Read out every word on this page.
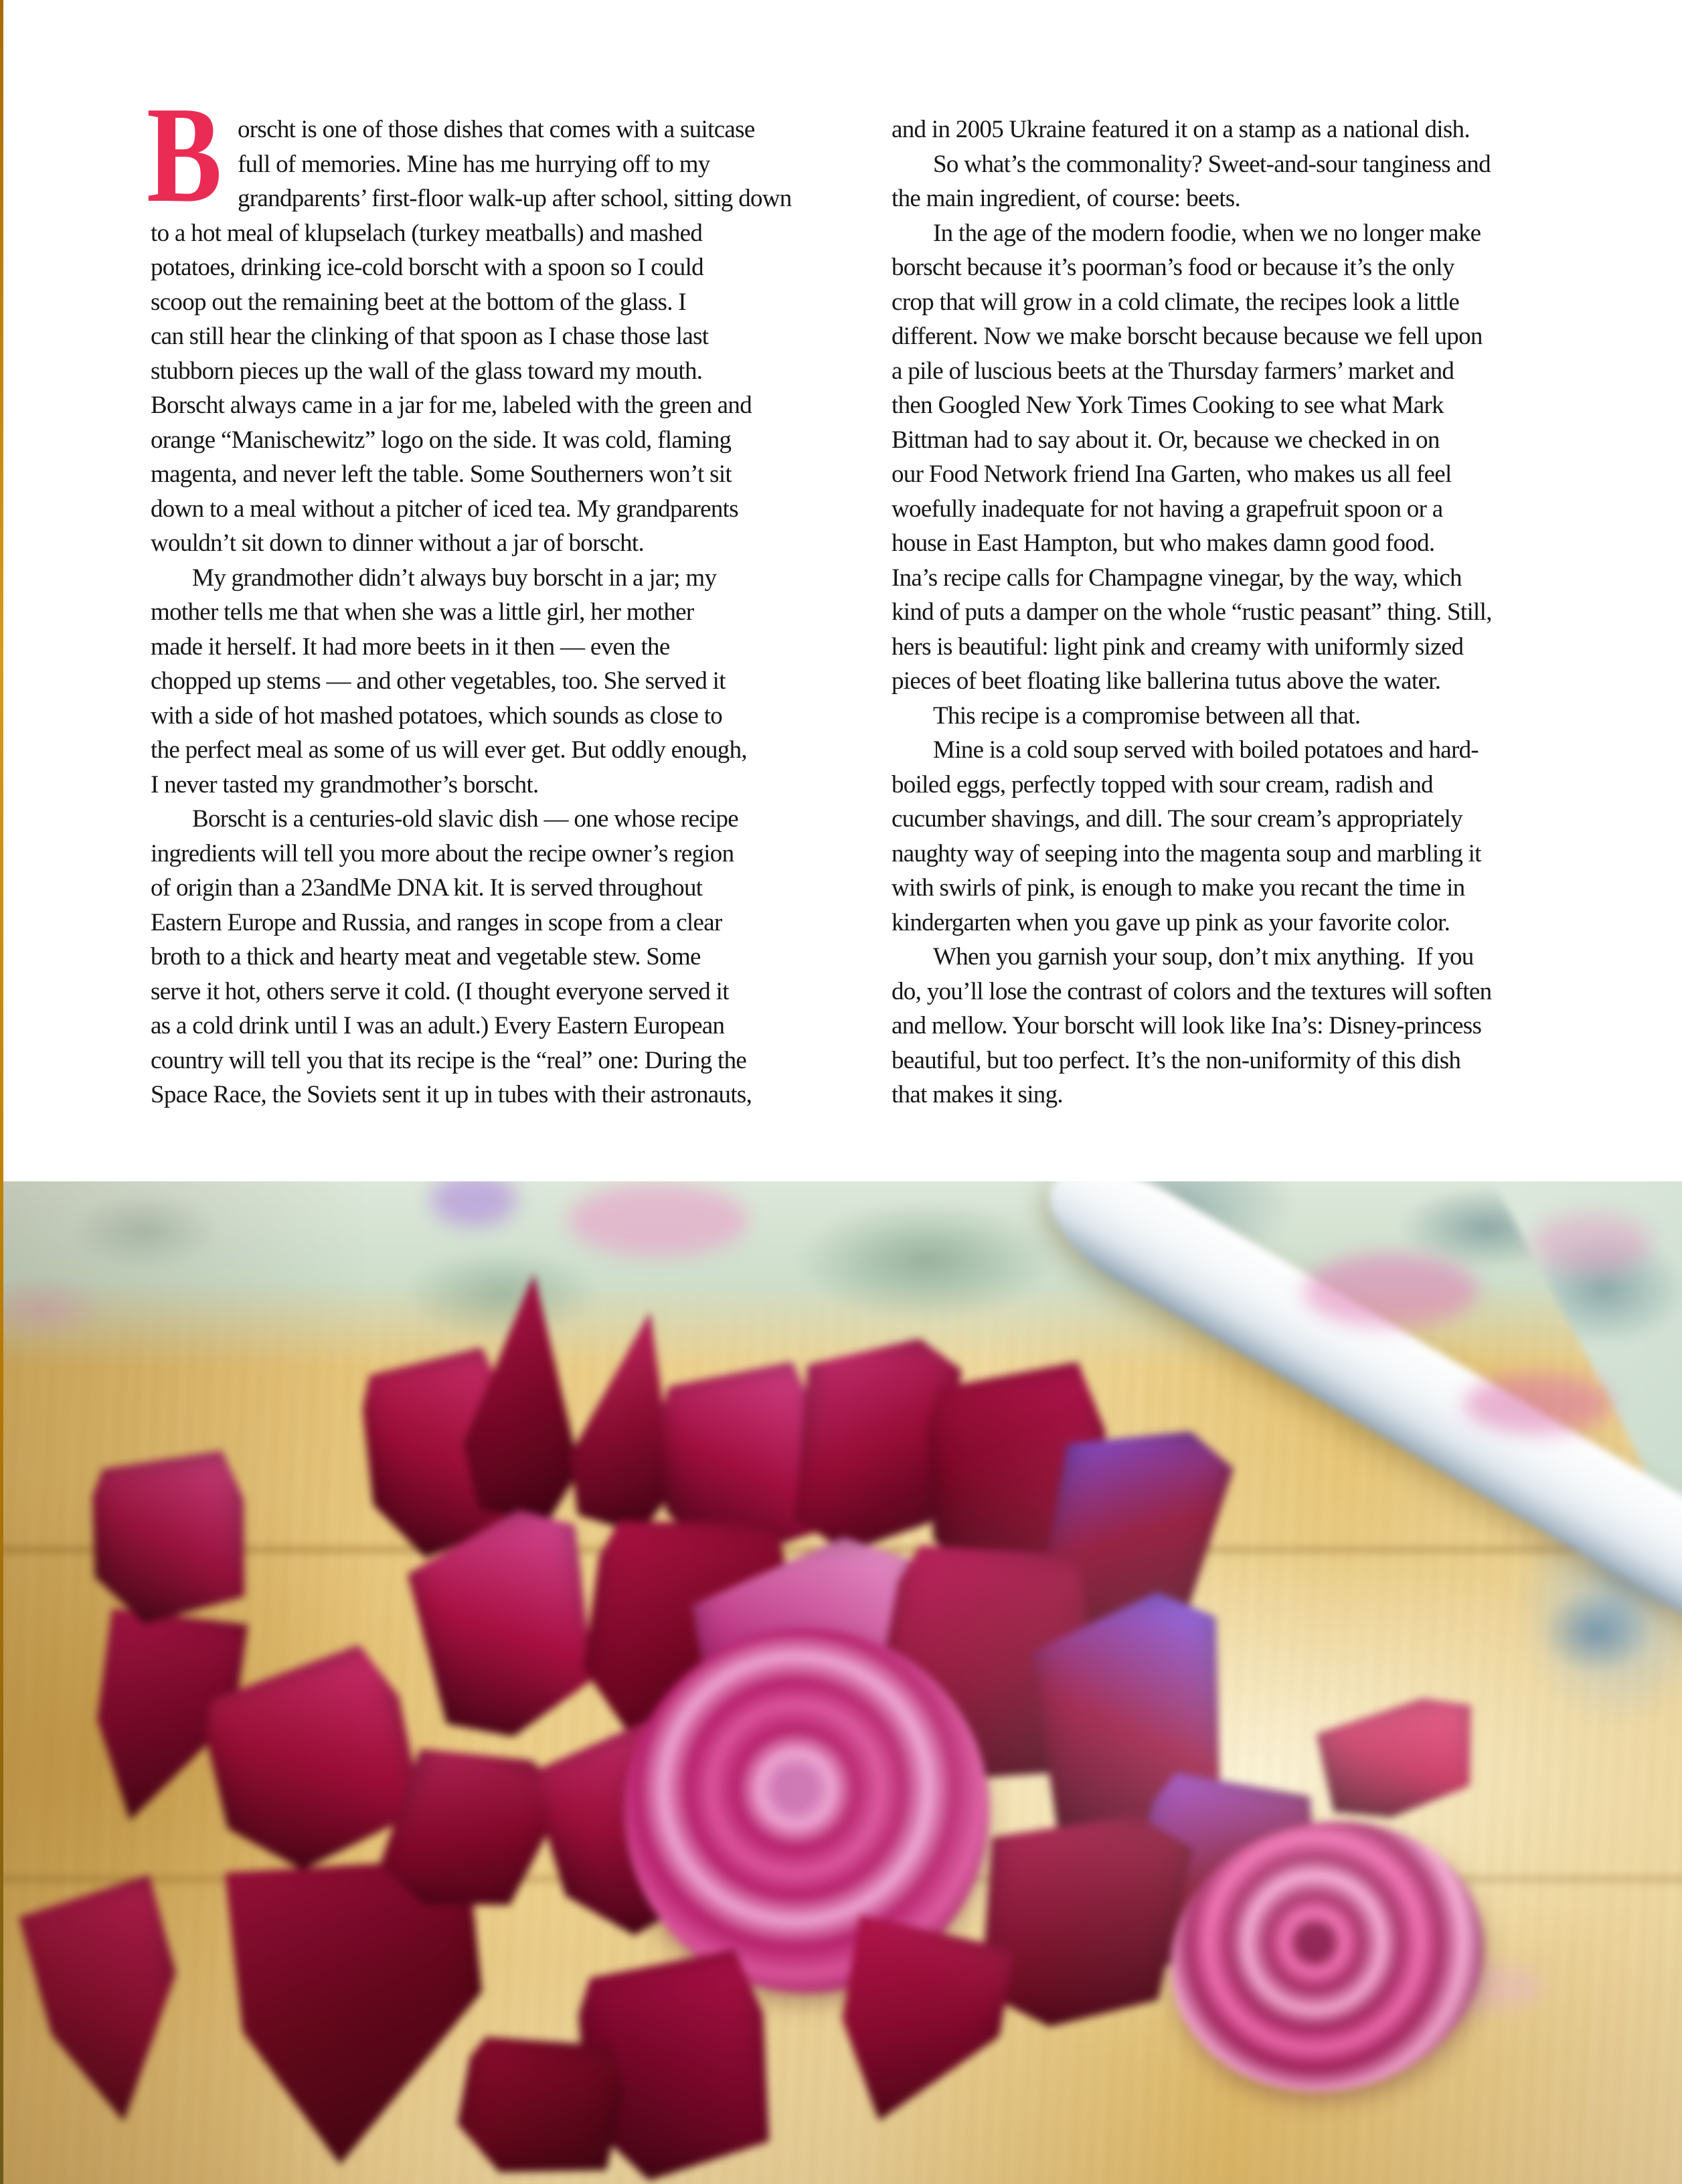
B orscht is one of those dishes that comes with a suitcase
full of memories. Mine has me hurrying off to my
grandparents’ first-floor walk-up after school, sitting down
to a hot meal of klupselach (turkey meatballs) and mashed
potatoes, drinking ice-cold borscht with a spoon so I could
scoop out the remaining beet at the bottom of the glass. I
can still hear the clinking of that spoon as I chase those last
stubborn pieces up the wall of the glass toward my mouth.
Borscht always came in a jar for me, labeled with the green and
orange “Manischewitz” logo on the side. It was cold, flaming
magenta, and never left the table. Some Southerners won’t sit
down to a meal without a pitcher of iced tea. My grandparents
wouldn’t sit down to dinner without a jar of borscht.
My grandmother didn’t always buy borscht in a jar; my
mother tells me that when she was a little girl, her mother
made it herself. It had more beets in it then — even the
chopped up stems — and other vegetables, too. She served it
with a side of hot mashed potatoes, which sounds as close to
the perfect meal as some of us will ever get. But oddly enough,
I never tasted my grandmother’s borscht.
Borscht is a centuries-old slavic dish — one whose recipe
ingredients will tell you more about the recipe owner’s region
of origin than a 23andMe DNA kit. It is served throughout
Eastern Europe and Russia, and ranges in scope from a clear
broth to a thick and hearty meat and vegetable stew. Some
serve it hot, others serve it cold. (I thought everyone served it
as a cold drink until I was an adult.) Every Eastern European
country will tell you that its recipe is the “real” one: During the
Space Race, the Soviets sent it up in tubes with their astronauts,
and in 2005 Ukraine featured it on a stamp as a national dish.
So what’s the commonality? Sweet-and-sour tanginess and
the main ingredient, of course: beets.
In the age of the modern foodie, when we no longer make
borscht because it’s poorman’s food or because it’s the only
crop that will grow in a cold climate, the recipes look a little
different. Now we make borscht because because we fell upon
a pile of luscious beets at the Thursday farmers’ market and
then Googled New York Times Cooking to see what Mark
Bittman had to say about it. Or, because we checked in on
our Food Network friend Ina Garten, who makes us all feel
woefully inadequate for not having a grapefruit spoon or a
house in East Hampton, but who makes damn good food.
Ina’s recipe calls for Champagne vinegar, by the way, which
kind of puts a damper on the whole “rustic peasant” thing. Still,
hers is beautiful: light pink and creamy with uniformly sized
pieces of beet floating like ballerina tutus above the water.
This recipe is a compromise between all that.
Mine is a cold soup served with boiled potatoes and hard-
boiled eggs, perfectly topped with sour cream, radish and
cucumber shavings, and dill. The sour cream’s appropriately
naughty way of seeping into the magenta soup and marbling it
with swirls of pink, is enough to make you recant the time in
kindergarten when you gave up pink as your favorite color.
When you garnish your soup, don’t mix anything.  If you
do, you’ll lose the contrast of colors and the textures will soften
and mellow. Your borscht will look like Ina’s: Disney-princess
beautiful, but too perfect. It’s the non-uniformity of this dish
that makes it sing.
